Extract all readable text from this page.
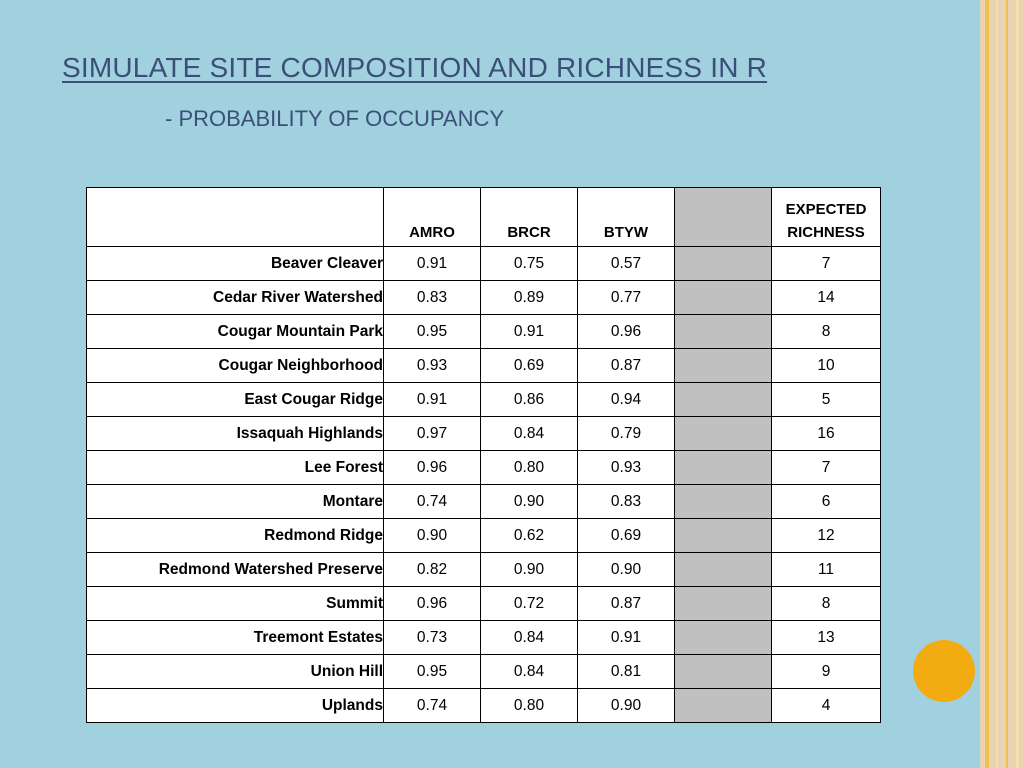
SIMULATE SITE COMPOSITION AND RICHNESS IN R
- PROBABILITY OF OCCUPANCY
	AMRO	BRCR	BTYW		EXPECTED RICHNESS
Beaver Cleaver	0.91	0.75	0.57		7
Cedar River Watershed	0.83	0.89	0.77		14
Cougar Mountain Park	0.95	0.91	0.96		8
Cougar Neighborhood	0.93	0.69	0.87		10
East Cougar Ridge	0.91	0.86	0.94		5
Issaquah Highlands	0.97	0.84	0.79		16
Lee Forest	0.96	0.80	0.93		7
Montare	0.74	0.90	0.83		6
Redmond Ridge	0.90	0.62	0.69		12
Redmond Watershed Preserve	0.82	0.90	0.90		11
Summit	0.96	0.72	0.87		8
Treemont Estates	0.73	0.84	0.91		13
Union Hill	0.95	0.84	0.81		9
Uplands	0.74	0.80	0.90		4
